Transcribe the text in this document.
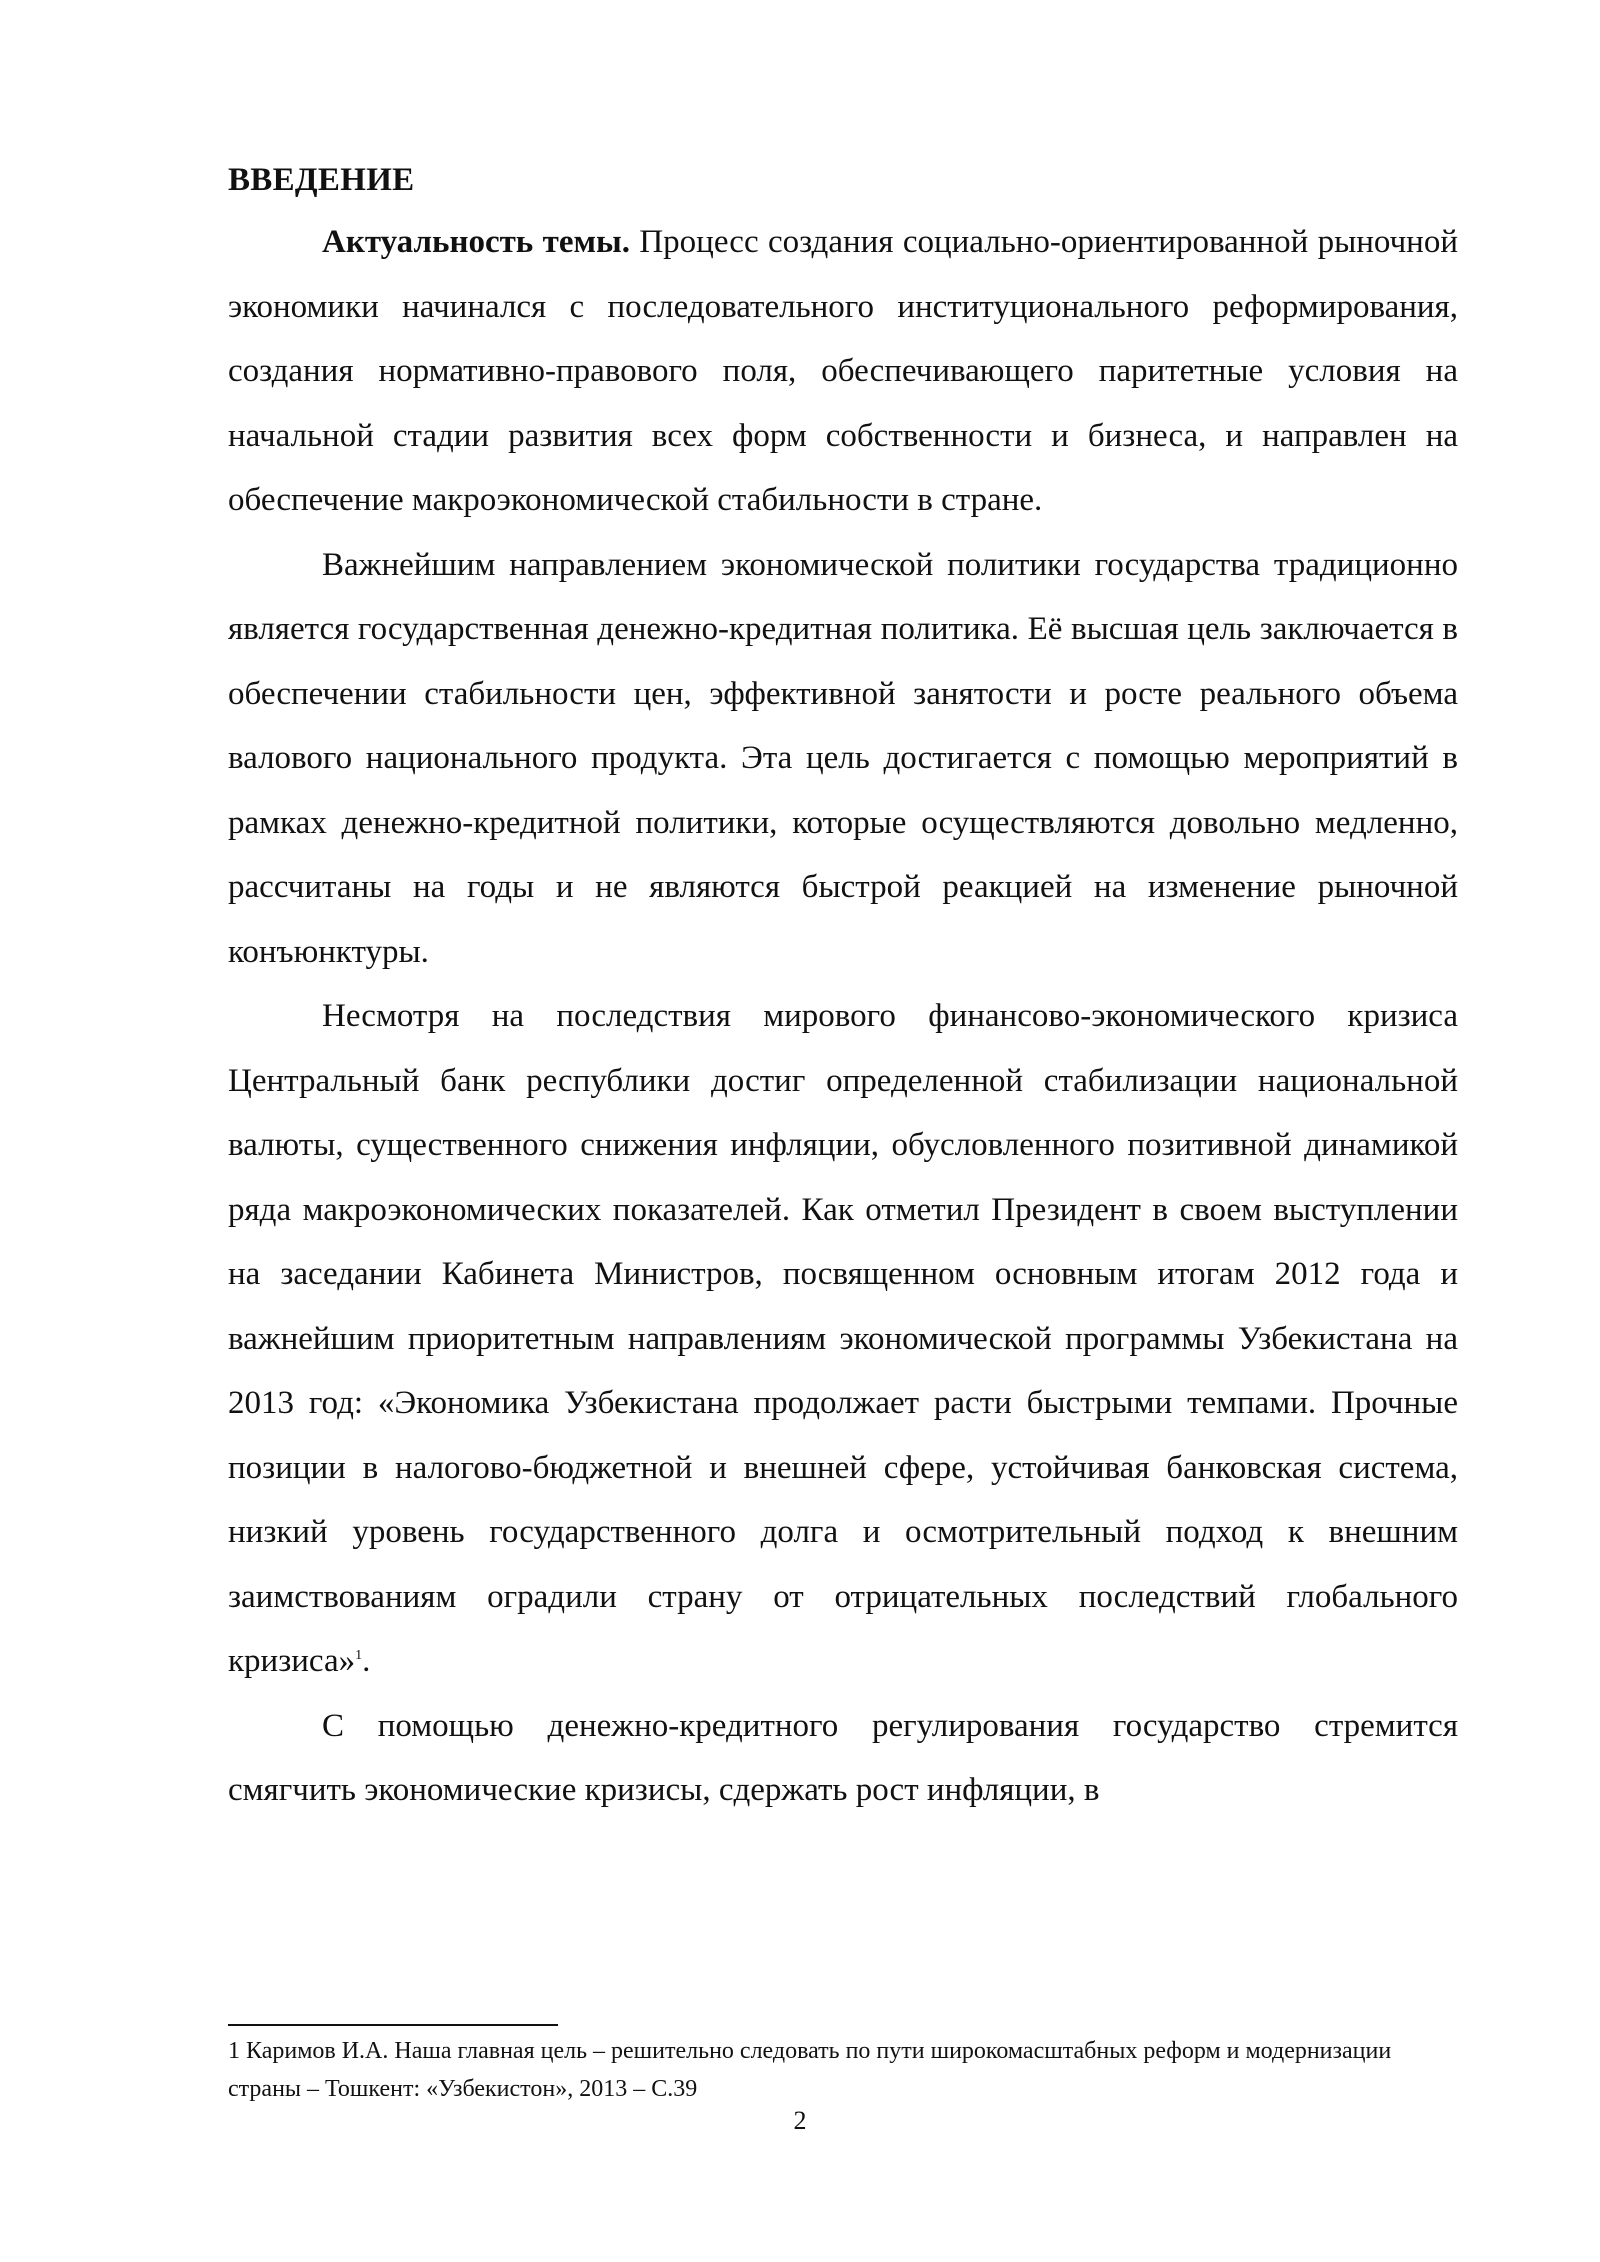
ВВЕДЕНИЕ

Актуальность темы. Процесс создания социально-ориентированной рыночной экономики начинался с последовательного институционального реформирования, создания нормативно-правового поля, обеспечивающего паритетные условия на начальной стадии развития всех форм собственности и бизнеса, и направлен на обеспечение макроэкономической стабильности в стране.

Важнейшим направлением экономической политики государства традиционно является государственная денежно-кредитная политика. Её высшая цель заключается в обеспечении стабильности цен, эффективной занятости и росте реального объема валового национального продукта. Эта цель достигается с помощью мероприятий в рамках денежно-кредитной политики, которые осуществляются довольно медленно, рассчитаны на годы и не являются быстрой реакцией на изменение рыночной конъюнктуры.

Несмотря на последствия мирового финансово-экономического кризиса Центральный банк республики достиг определенной стабилизации национальной валюты, существенного снижения инфляции, обусловленного позитивной динамикой ряда макроэкономических показателей. Как отметил Президент в своем выступлении на заседании Кабинета Министров, посвященном основным итогам 2012 года и важнейшим приоритетным направлениям экономической программы Узбекистана на 2013 год: «Экономика Узбекистана продолжает расти быстрыми темпами. Прочные позиции в налогово-бюджетной и внешней сфере, устойчивая банковская система, низкий уровень государственного долга и осмотрительный подход к внешним заимствованиям оградили страну от отрицательных последствий глобального кризиса»$^1$.

С помощью денежно-кредитного регулирования государство стремится смягчить экономические кризисы, сдержать рост инфляции, в

1 Каримов И.А. Наша главная цель – решительно следовать по пути широкомасштабных реформ и модернизации страны – Тошкент: «Узбекистон», 2013 – С.39

2
